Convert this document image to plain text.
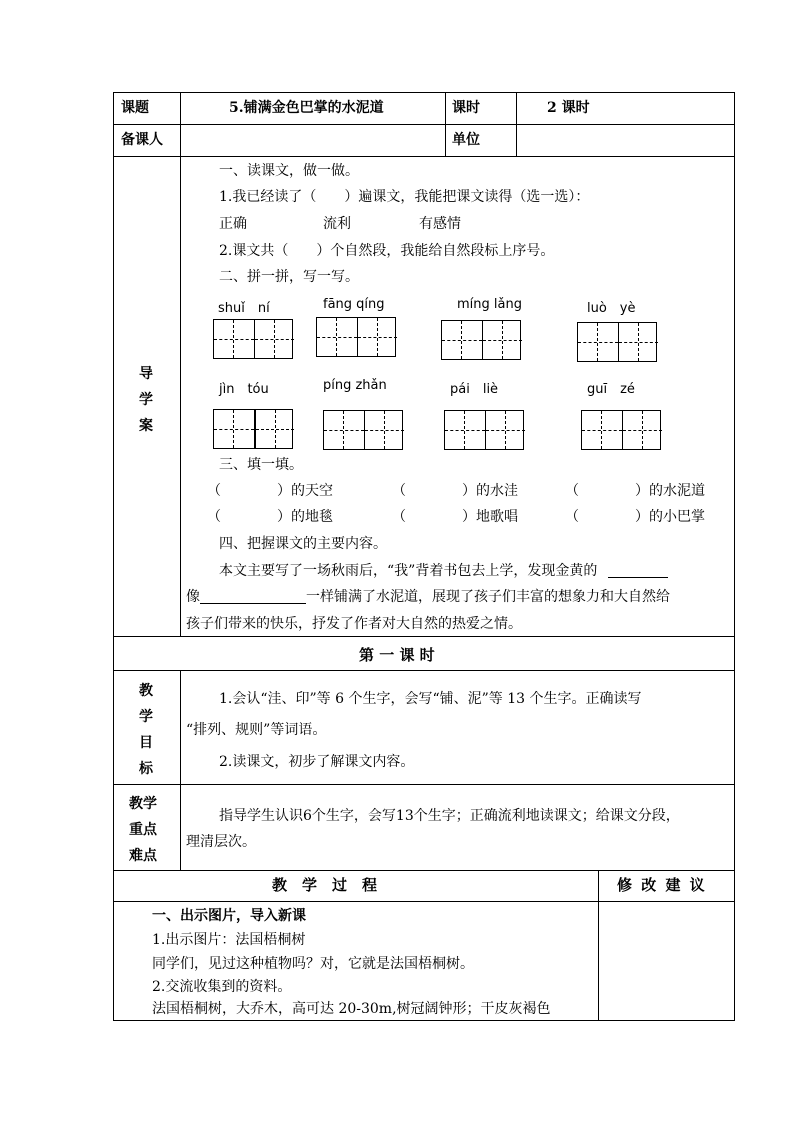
课题	5.铺满金色巴掌的水泥道	课时	2 课时
备课人	单位
导
学
案
一、读课文，做一做。
1.我已经读了（　　）遍课文，我能把课文读得（选一选）：
正确	流利	有感情
2.课文共（　　）个自然段，我能给自然段标上序号。
二、拼一拼，写一写。
shuǐ　ní	fāng qíng	míng lǎng	luò　yè
jìn　tóu	píng zhǎn	pái　liè	guī　zé
三、填一填。
（　　　　）的天空	（　　　　）的水洼	（　　　　）的水泥道
（　　　　）的地毯	（　　　　）地歌唱	（　　　　）的小巴掌
四、把握课文的主要内容。
本文主要写了一场秋雨后，“我”背着书包去上学，发现金黄的
像	一样铺满了水泥道，展现了孩子们丰富的想象力和大自然给
孩子们带来的快乐，抒发了作者对大自然的热爱之情。
第 一 课 时
教
学
目
标
1.会认“洼、印”等 6 个生字，会写“铺、泥”等 13 个生字。正确读写
“排列、规则”等词语。
2.读课文，初步了解课文内容。
教学
重点
难点
指导学生认识6个生字，会写13个生字；正确流利地读课文；给课文分段，
理清层次。
教　学　过　程	修 改 建 议
一、出示图片，导入新课
1.出示图片：法国梧桐树
同学们，见过这种植物吗？对，它就是法国梧桐树。
2.交流收集到的资料。
法国梧桐树，大乔木，高可达 20-30m,树冠阔钟形；干皮灰褐色
